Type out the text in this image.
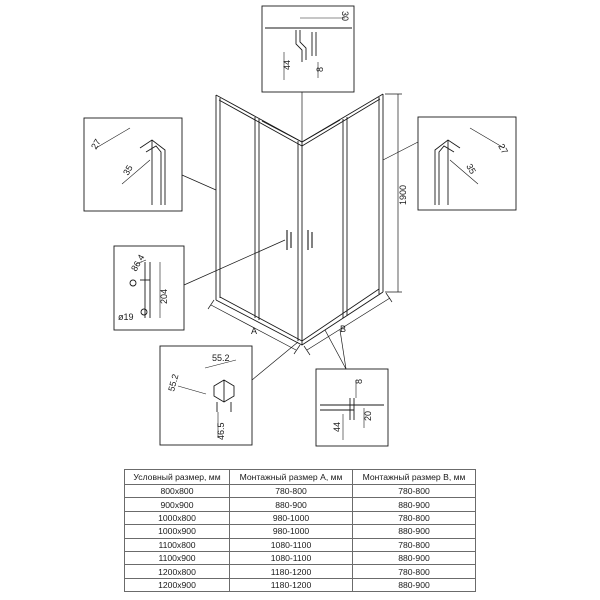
A	B
1900
30
44	8
27
35
27
35
86.4
204
ø19
55.2
55.2
46.5
8
44
20
Условный размер, мм	Монтажный размер А, мм	Монтажный размер В, мм
800x800	780-800	780-800
900x900	880-900	880-900
1000x800	980-1000	780-800
1000x900	980-1000	880-900
1100x800	1080-1100	780-800
1100x900	1080-1100	880-900
1200x800	1180-1200	780-800
1200x900	1180-1200	880-900
